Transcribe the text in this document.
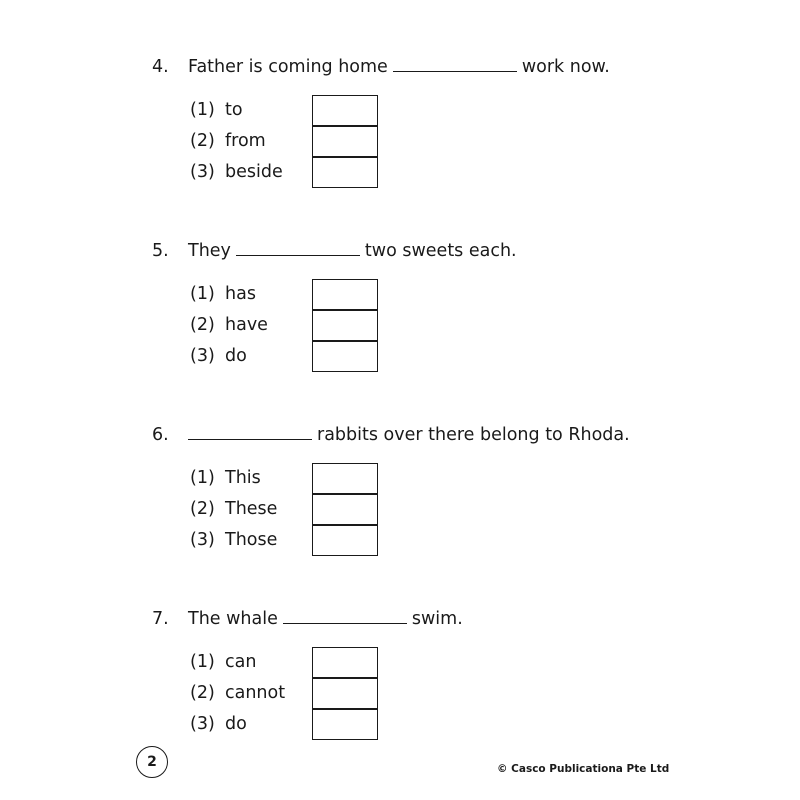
4. Father is coming home	work now.
(1) to
(2) from
(3) beside
5. They	two sweets each.
(1) has
(2) have
(3) do
6.	rabbits over there belong to Rhoda.
(1) This
(2) These
(3) Those
7. The whale	swim.
(1) can
(2) cannot
(3) do
2	© Casco Publicationa Pte Ltd
